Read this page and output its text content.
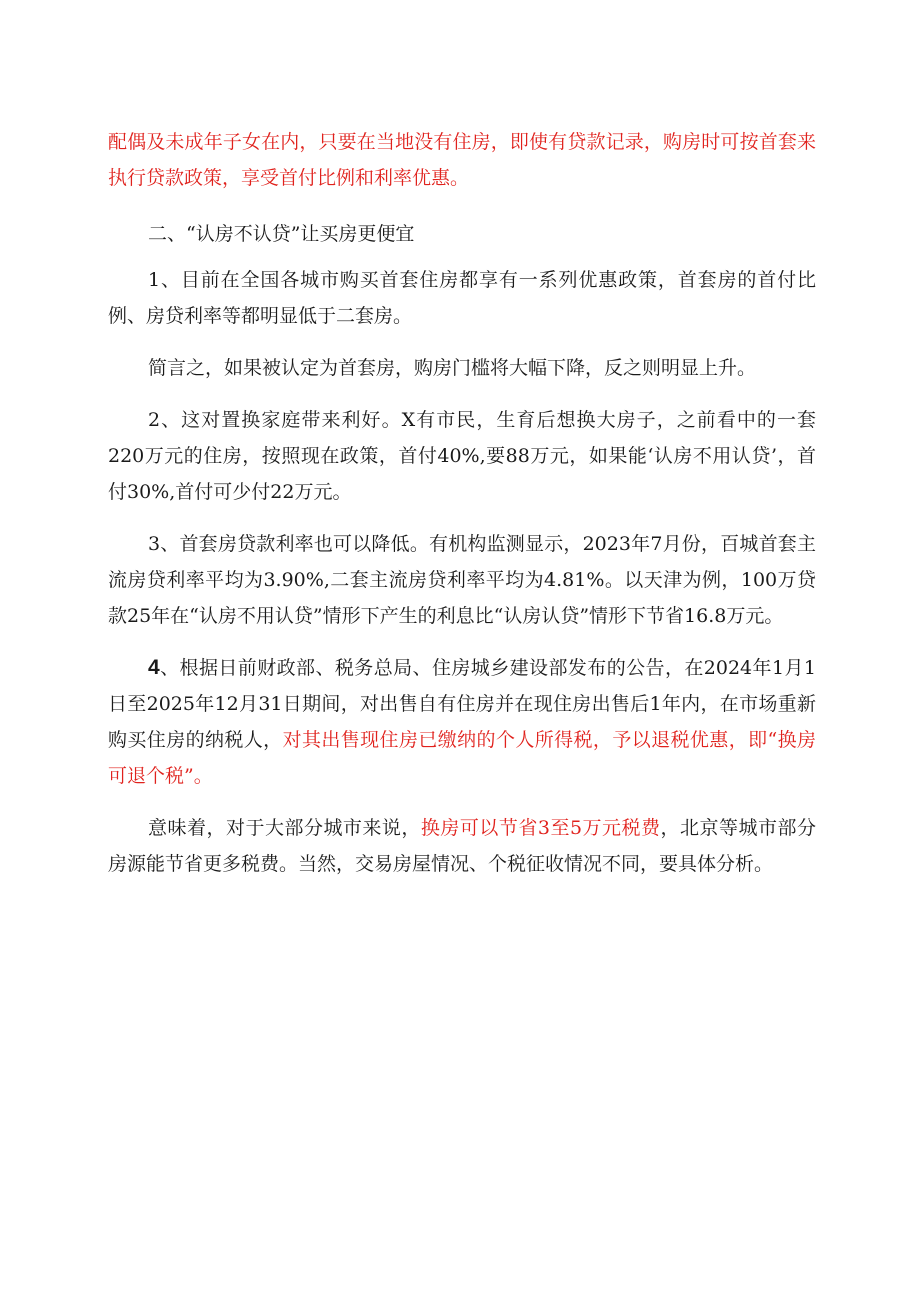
配偶及未成年子女在内，只要在当地没有住房，即使有贷款记录，购房时可按首套来执行贷款政策，享受首付比例和利率优惠。

二、“认房不认贷”让买房更便宜

1、目前在全国各城市购买首套住房都享有一系列优惠政策，首套房的首付比例、房贷利率等都明显低于二套房。

简言之，如果被认定为首套房，购房门槛将大幅下降，反之则明显上升。

2、这对置换家庭带来利好。X有市民，生育后想换大房子，之前看中的一套220万元的住房，按照现在政策，首付40%,要88万元，如果能‘认房不用认贷’，首付30%,首付可少付22万元。

3、首套房贷款利率也可以降低。有机构监测显示，2023年7月份，百城首套主流房贷利率平均为3.90%,二套主流房贷利率平均为4.81%。以天津为例，100万贷款25年在“认房不用认贷”情形下产生的利息比“认房认贷”情形下节省16.8万元。

4、根据日前财政部、税务总局、住房城乡建设部发布的公告，在2024年1月1日至2025年12月31日期间，对出售自有住房并在现住房出售后1年内，在市场重新购买住房的纳税人，对其出售现住房已缴纳的个人所得税，予以退税优惠，即“换房可退个税”。

意味着，对于大部分城市来说，换房可以节省3至5万元税费，北京等城市部分房源能节省更多税费。当然，交易房屋情况、个税征收情况不同，要具体分析。
